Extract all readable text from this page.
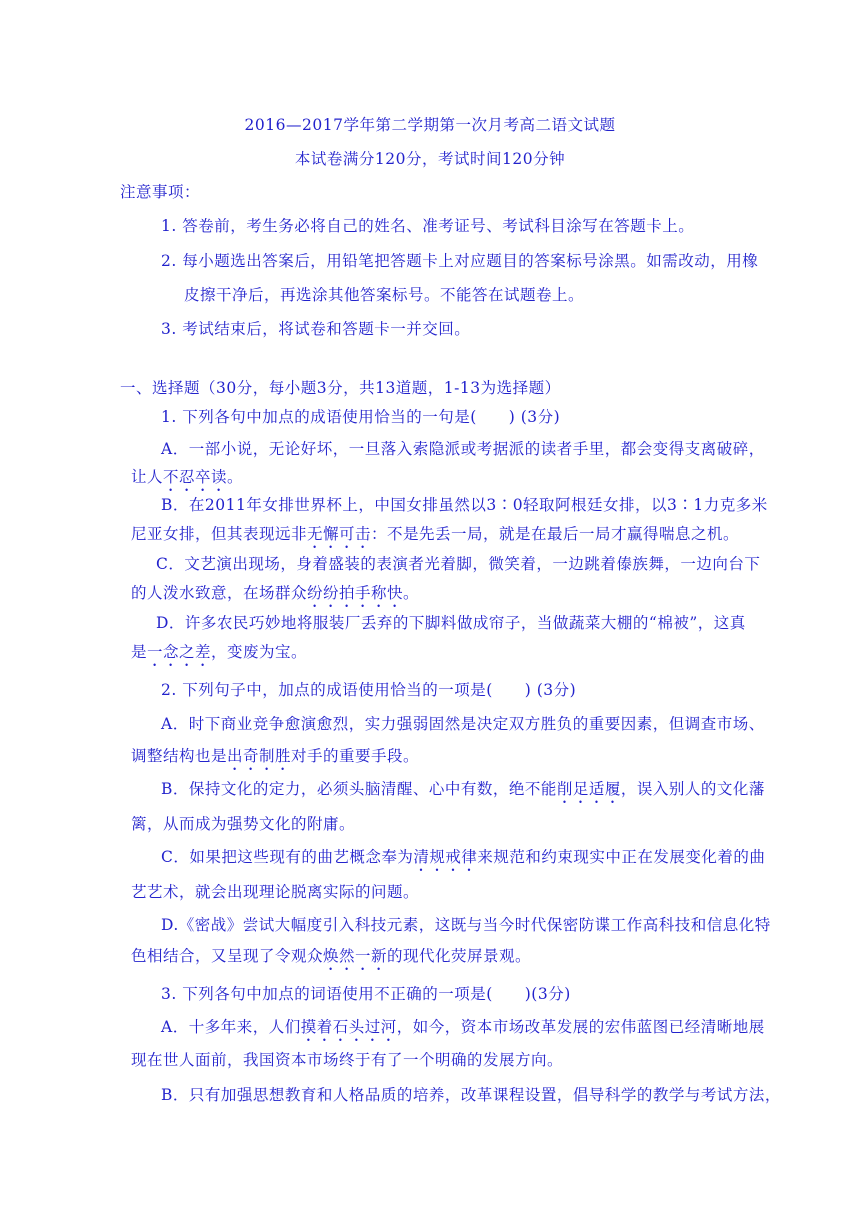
2016—2017学年第二学期第一次月考高二语文试题
本试卷满分120分，考试时间120分钟
注意事项：
1. 答卷前，考生务必将自己的姓名、准考证号、考试科目涂写在答题卡上。
2. 每小题选出答案后，用铅笔把答题卡上对应题目的答案标号涂黑。如需改动，用橡
皮擦干净后，再选涂其他答案标号。不能答在试题卷上。
3. 考试结束后，将试卷和答题卡一并交回。
一、选择题（30分，每小题3分，共13道题，1-13为选择题）
1. 下列各句中加点的成语使用恰当的一句是(　　) (3分)
A．一部小说，无论好坏，一旦落入索隐派或考据派的读者手里，都会变得支离破碎，
让人不忍卒读。
B．在2011年女排世界杯上，中国女排虽然以3∶0轻取阿根廷女排，以3∶1力克多米
尼亚女排，但其表现远非无懈可击：不是先丢一局，就是在最后一局才赢得喘息之机。
C．文艺演出现场，身着盛装的表演者光着脚，微笑着，一边跳着傣族舞，一边向台下
的人泼水致意，在场群众纷纷拍手称快。
D．许多农民巧妙地将服装厂丢弃的下脚料做成帘子，当做蔬菜大棚的“棉被”，这真
是一念之差，变废为宝。
2. 下列句子中，加点的成语使用恰当的一项是(　　) (3分)
A．时下商业竞争愈演愈烈，实力强弱固然是决定双方胜负的重要因素，但调查市场、
调整结构也是出奇制胜对手的重要手段。
B．保持文化的定力，必须头脑清醒、心中有数，绝不能削足适履，误入别人的文化藩
篱，从而成为强势文化的附庸。
C．如果把这些现有的曲艺概念奉为清规戒律来规范和约束现实中正在发展变化着的曲
艺艺术，就会出现理论脱离实际的问题。
D.《密战》尝试大幅度引入科技元素，这既与当今时代保密防谍工作高科技和信息化特
色相结合，又呈现了令观众焕然一新的现代化荧屏景观。
3. 下列各句中加点的词语使用不正确的一项是(　　)(3分)
A．十多年来，人们摸着石头过河，如今，资本市场改革发展的宏伟蓝图已经清晰地展
现在世人面前，我国资本市场终于有了一个明确的发展方向。
B．只有加强思想教育和人格品质的培养，改革课程设置，倡导科学的教学与考试方法，
